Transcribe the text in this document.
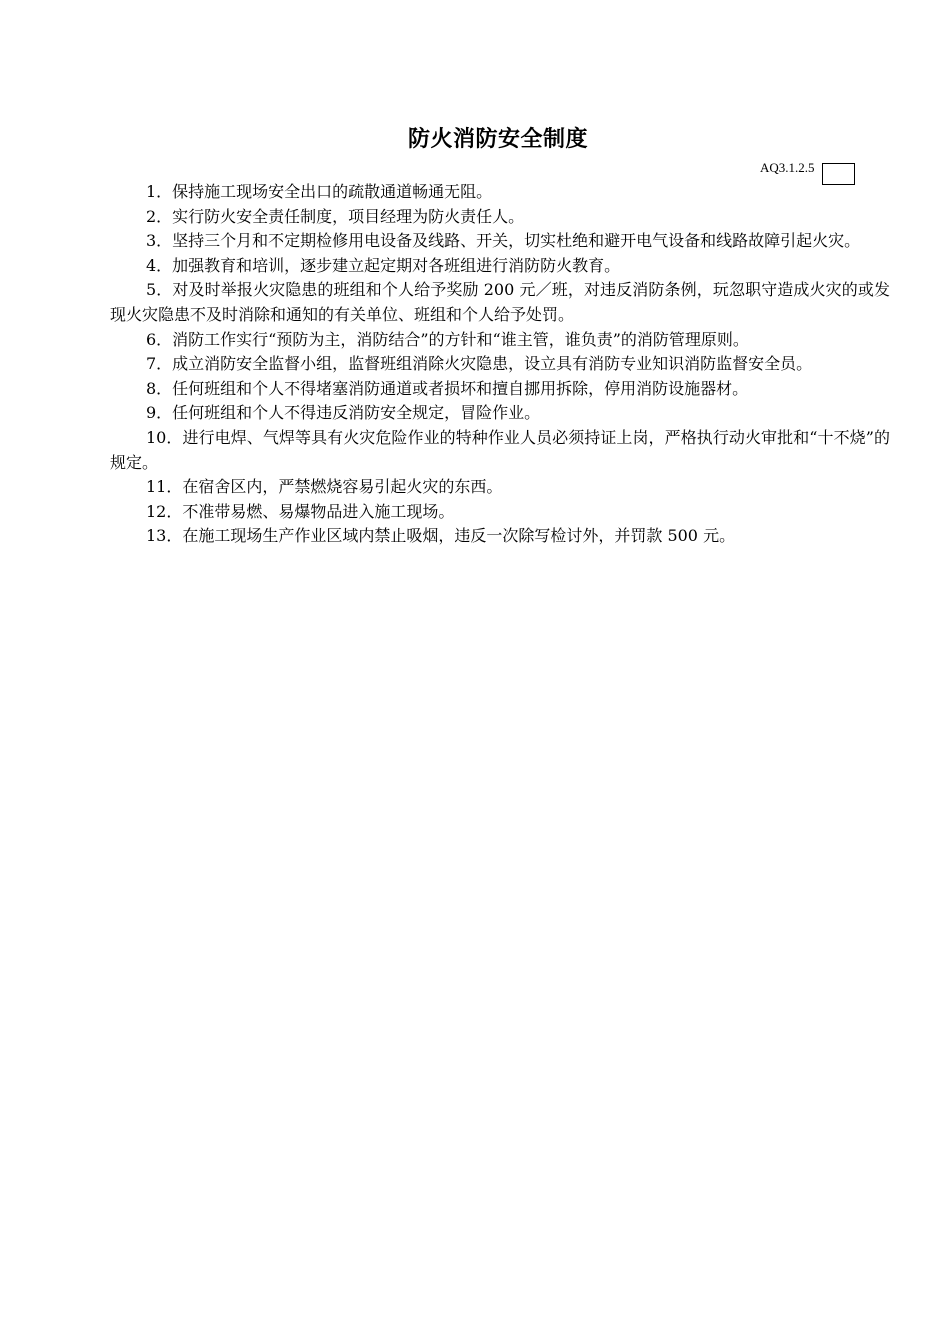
防火消防安全制度
AQ3.1.2.5

1．保持施工现场安全出口的疏散通道畅通无阻。

2．实行防火安全责任制度，项目经理为防火责任人。

3．坚持三个月和不定期检修用电设备及线路、开关，切实杜绝和避开电气设备和线路故障引起火灾。

4．加强教育和培训，逐步建立起定期对各班组进行消防防火教育。

5．对及时举报火灾隐患的班组和个人给予奖励 200 元／班，对违反消防条例，玩忽职守造成火灾的或发现火灾隐患不及时消除和通知的有关单位、班组和个人给予处罚。

6．消防工作实行“预防为主，消防结合”的方针和“谁主管，谁负责”的消防管理原则。

7．成立消防安全监督小组，监督班组消除火灾隐患，设立具有消防专业知识消防监督安全员。

8．任何班组和个人不得堵塞消防通道或者损坏和擅自挪用拆除，停用消防设施器材。

9．任何班组和个人不得违反消防安全规定，冒险作业。

10．进行电焊、气焊等具有火灾危险作业的特种作业人员必须持证上岗，严格执行动火审批和“十不烧”的规定。

11．在宿舍区内，严禁燃烧容易引起火灾的东西。

12．不准带易燃、易爆物品进入施工现场。

13．在施工现场生产作业区域内禁止吸烟，违反一次除写检讨外，并罚款 500 元。
